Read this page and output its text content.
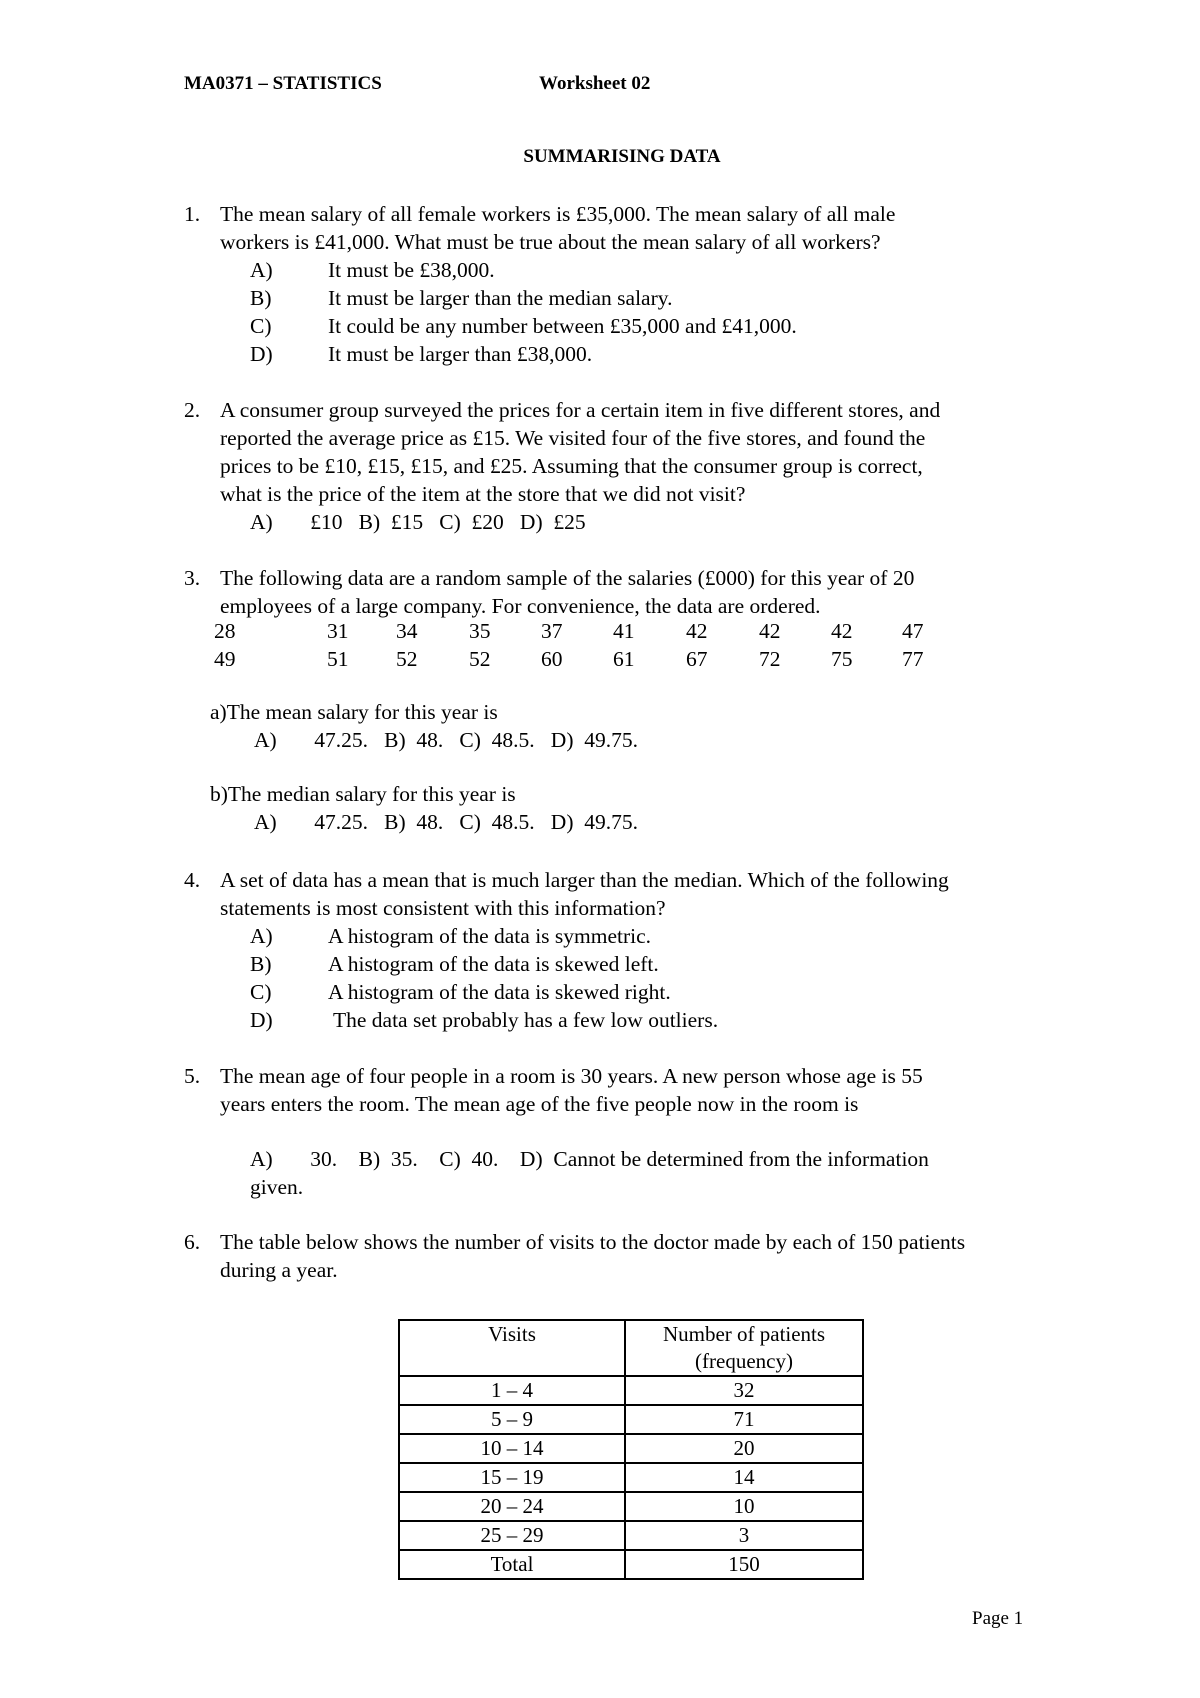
MA0371 – STATISTICS	Worksheet 02
SUMMARISING DATA
1. The mean salary of all female workers is £35,000. The mean salary of all male
workers is £41,000. What must be true about the mean salary of all workers?
A)	It must be £38,000.
B)	It must be larger than the median salary.
C)	It could be any number between £35,000 and £41,000.
D)	It must be larger than £38,000.
2. A consumer group surveyed the prices for a certain item in five different stores, and
reported the average price as £15. We visited four of the five stores, and found the
prices to be £10, £15, £15, and £25. Assuming that the consumer group is correct,
what is the price of the item at the store that we did not visit?
A)       £10   B)  £15   C)  £20   D)  £25
3. The following data are a random sample of the salaries (£000) for this year of 20
employees of a large company. For convenience, the data are ordered.
28	31 34 35 37 41 42 42 42 47
49	51 52 52 60 61 67 72 75 77
a)The mean salary for this year is
A)       47.25.   B)  48.   C)  48.5.   D)  49.75.
b)The median salary for this year is
A)       47.25.   B)  48.   C)  48.5.   D)  49.75.
4. A set of data has a mean that is much larger than the median. Which of the following
statements is most consistent with this information?
A)	A histogram of the data is symmetric.
B)	A histogram of the data is skewed left.
C)	A histogram of the data is skewed right.
D)	The data set probably has a few low outliers.
5. The mean age of four people in a room is 30 years. A new person whose age is 55
years enters the room. The mean age of the five people now in the room is
A)       30.    B)  35.    C)  40.    D)  Cannot be determined from the information
given.
6. The table below shows the number of visits to the doctor made by each of 150 patients
during a year.
Visits	Number of patients
(frequency)

1 – 4	32
5 – 9	71
10 – 14	20
15 – 19	14
20 – 24	10
25 – 29	3
Total	150
Page 1
